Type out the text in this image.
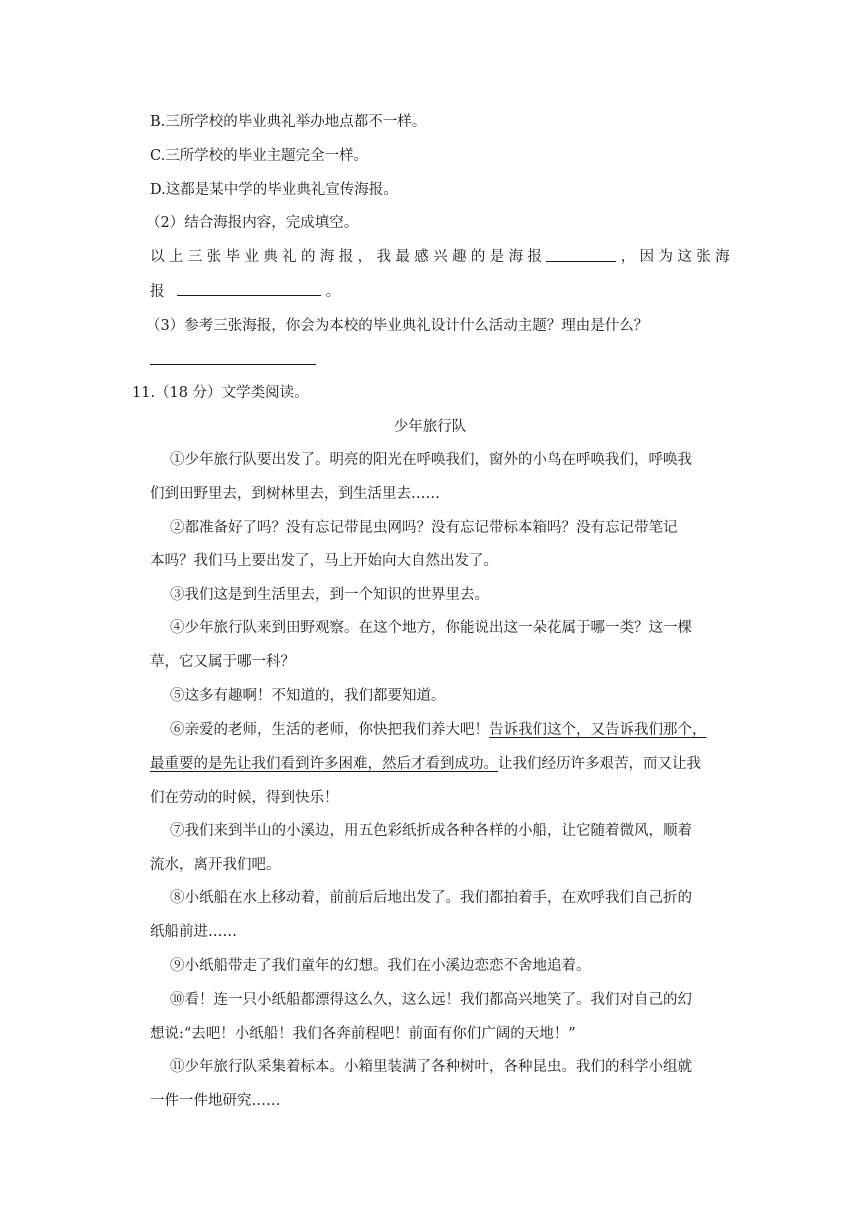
B.三所学校的毕业典礼举办地点都不一样。
C.三所学校的毕业主题完全一样。
D.这都是某中学的毕业典礼宣传海报。
（2）结合海报内容，完成填空。
以 上 三 张 毕 业 典 礼 的 海 报 ， 我 最 感 兴 趣 的 是 海 报	， 因 为 这 张 海
报	。
（3）参考三张海报，你会为本校的毕业典礼设计什么活动主题？理由是什么？
11.（18 分）文学类阅读。
少年旅行队
①少年旅行队要出发了。明亮的阳光在呼唤我们，窗外的小鸟在呼唤我们，呼唤我
们到田野里去，到树林里去，到生活里去……
②都准备好了吗？没有忘记带昆虫网吗？没有忘记带标本箱吗？没有忘记带笔记
本吗？我们马上要出发了，马上开始向大自然出发了。
③我们这是到生活里去，到一个知识的世界里去。
④少年旅行队来到田野观察。在这个地方，你能说出这一朵花属于哪一类？这一棵
草，它又属于哪一科？
⑤这多有趣啊！不知道的，我们都要知道。
⑥亲爱的老师，生活的老师，你快把我们养大吧！告诉我们这个，又告诉我们那个，
最重要的是先让我们看到许多困难，然后才看到成功。让我们经历许多艰苦，而又让我
们在劳动的时候，得到快乐！
⑦我们来到半山的小溪边，用五色彩纸折成各种各样的小船，让它随着微风，顺着
流水，离开我们吧。
⑧小纸船在水上移动着，前前后后地出发了。我们都拍着手，在欢呼我们自己折的
纸船前进……
⑨小纸船带走了我们童年的幻想。我们在小溪边恋恋不舍地追着。
⑩看！连一只小纸船都漂得这么久，这么远！我们都高兴地笑了。我们对自己的幻
想说:“去吧！小纸船！我们各奔前程吧！前面有你们广阔的天地！”
⑪少年旅行队采集着标本。小箱里装满了各种树叶，各种昆虫。我们的科学小组就
一件一件地研究……
